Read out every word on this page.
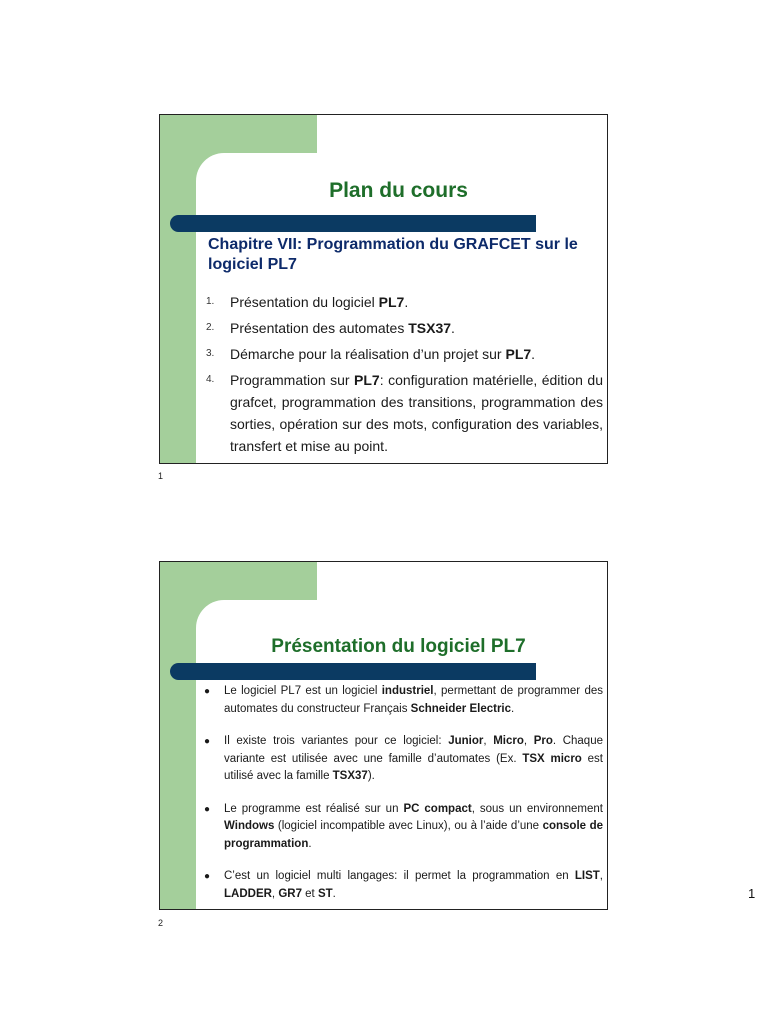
Plan du cours

Chapitre VII: Programmation du GRAFCET sur le logiciel PL7

1.	Présentation du logiciel PL7.
2.	Présentation des automates TSX37.
3.	Démarche pour la réalisation d’un projet sur PL7.
4.	Programmation sur PL7: configuration matérielle, édition du grafcet, programmation des transitions, programmation des sorties, opération sur des mots, configuration des variables, transfert et mise au point.
1
Présentation du logiciel PL7
●	Le logiciel PL7 est un logiciel industriel, permettant de programmer des automates du constructeur Français Schneider Electric.
●	Il existe trois variantes pour ce logiciel: Junior, Micro, Pro. Chaque variante est utilisée avec une famille d’automates (Ex. TSX micro est utilisé avec la famille TSX37).
●	Le programme est réalisé sur un PC compact, sous un environnement Windows (logiciel incompatible avec Linux), ou à l’aide d’une console de programmation.
●	C’est un logiciel multi langages: il permet la programmation en LIST, LADDER, GR7 et ST.
2
1
